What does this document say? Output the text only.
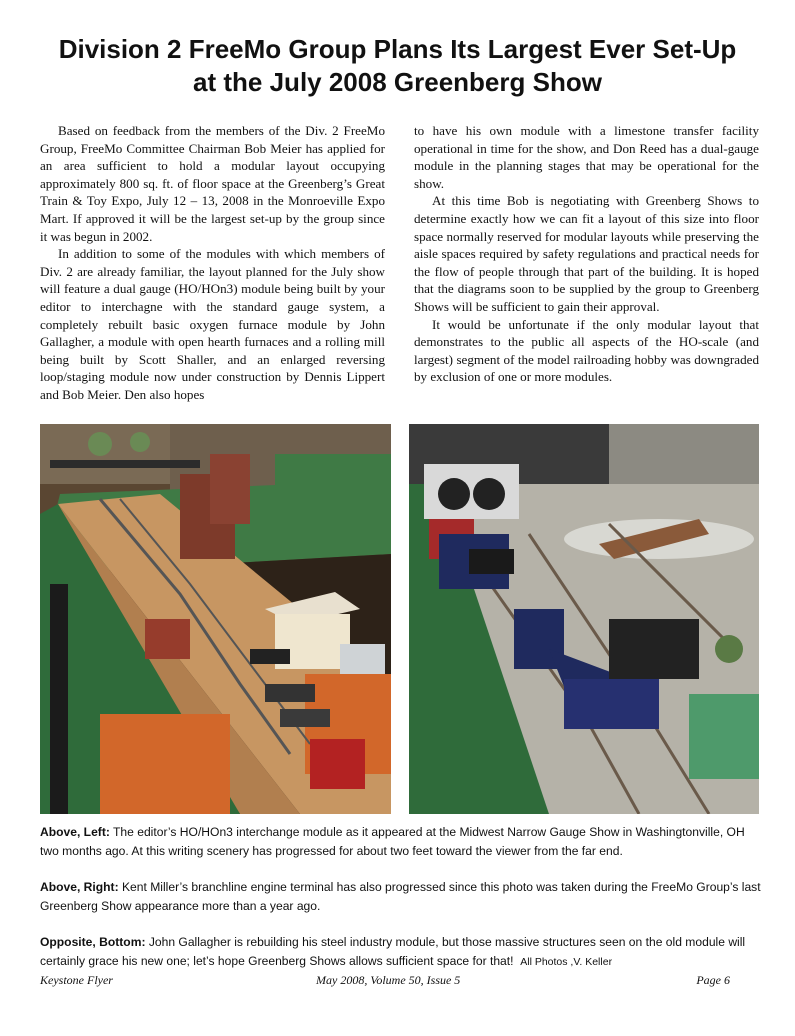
Division 2 FreeMo Group Plans Its Largest Ever Set-Up
at the July 2008 Greenberg Show

Based on feedback from the members of the Div. 2 FreeMo Group, FreeMo Committee Chairman Bob Meier has applied for an area sufficient to hold a modular layout occupying approximately 800 sq. ft. of floor space at the Greenberg’s Great Train & Toy Expo, July 12 – 13, 2008 in the Monroeville Expo Mart. If approved it will be the largest set-up by the group since it was begun in 2002.

In addition to some of the modules with which members of Div. 2 are already familiar, the layout planned for the July show will feature a dual gauge (HO/HOn3) module being built by your editor to interchagne with the standard gauge system, a completely rebuilt basic oxygen furnace module by John Gallagher, a module with open hearth furnaces and a rolling mill being built by Scott Shaller, and an enlarged reversing loop/staging module now under construction by Dennis Lippert and Bob Meier. Den also hopes

to have his own module with a limestone transfer facility operational in time for the show, and Don Reed has a dual-gauge module in the planning stages that may be operational for the show.

At this time Bob is negotiating with Greenberg Shows to determine exactly how we can fit a layout of this size into floor space normally reserved for modular layouts while preserving the aisle spaces required by safety regulations and practical needs for the flow of people through that part of the building. It is hoped that the diagrams soon to be supplied by the group to Greenberg Shows will be sufficient to gain their approval.

It would be unfortunate if the only modular layout that demonstrates to the public all aspects of the HO-scale (and largest) segment of the model railroading hobby was downgraded by exclusion of one or more modules.

Above, Left: The editor’s HO/HOn3 interchange module as it appeared at the Midwest Narrow Gauge Show in Washingtonville, OH two months ago. At this writing scenery has progressed for about two feet toward the viewer from the far end.

Above, Right: Kent Miller’s branchline engine terminal has also progressed since this photo was taken during the FreeMo Group’s last Greenberg Show appearance more than a year ago.

Opposite, Bottom: John Gallagher is rebuilding his steel industry module, but those massive structures seen on the old module will certainly grace his new one; let’s hope Greenberg Shows allows sufficient space for that! All Photos ,V. Keller

Keystone Flyer	May 2008, Volume 50, Issue 5	Page 6
